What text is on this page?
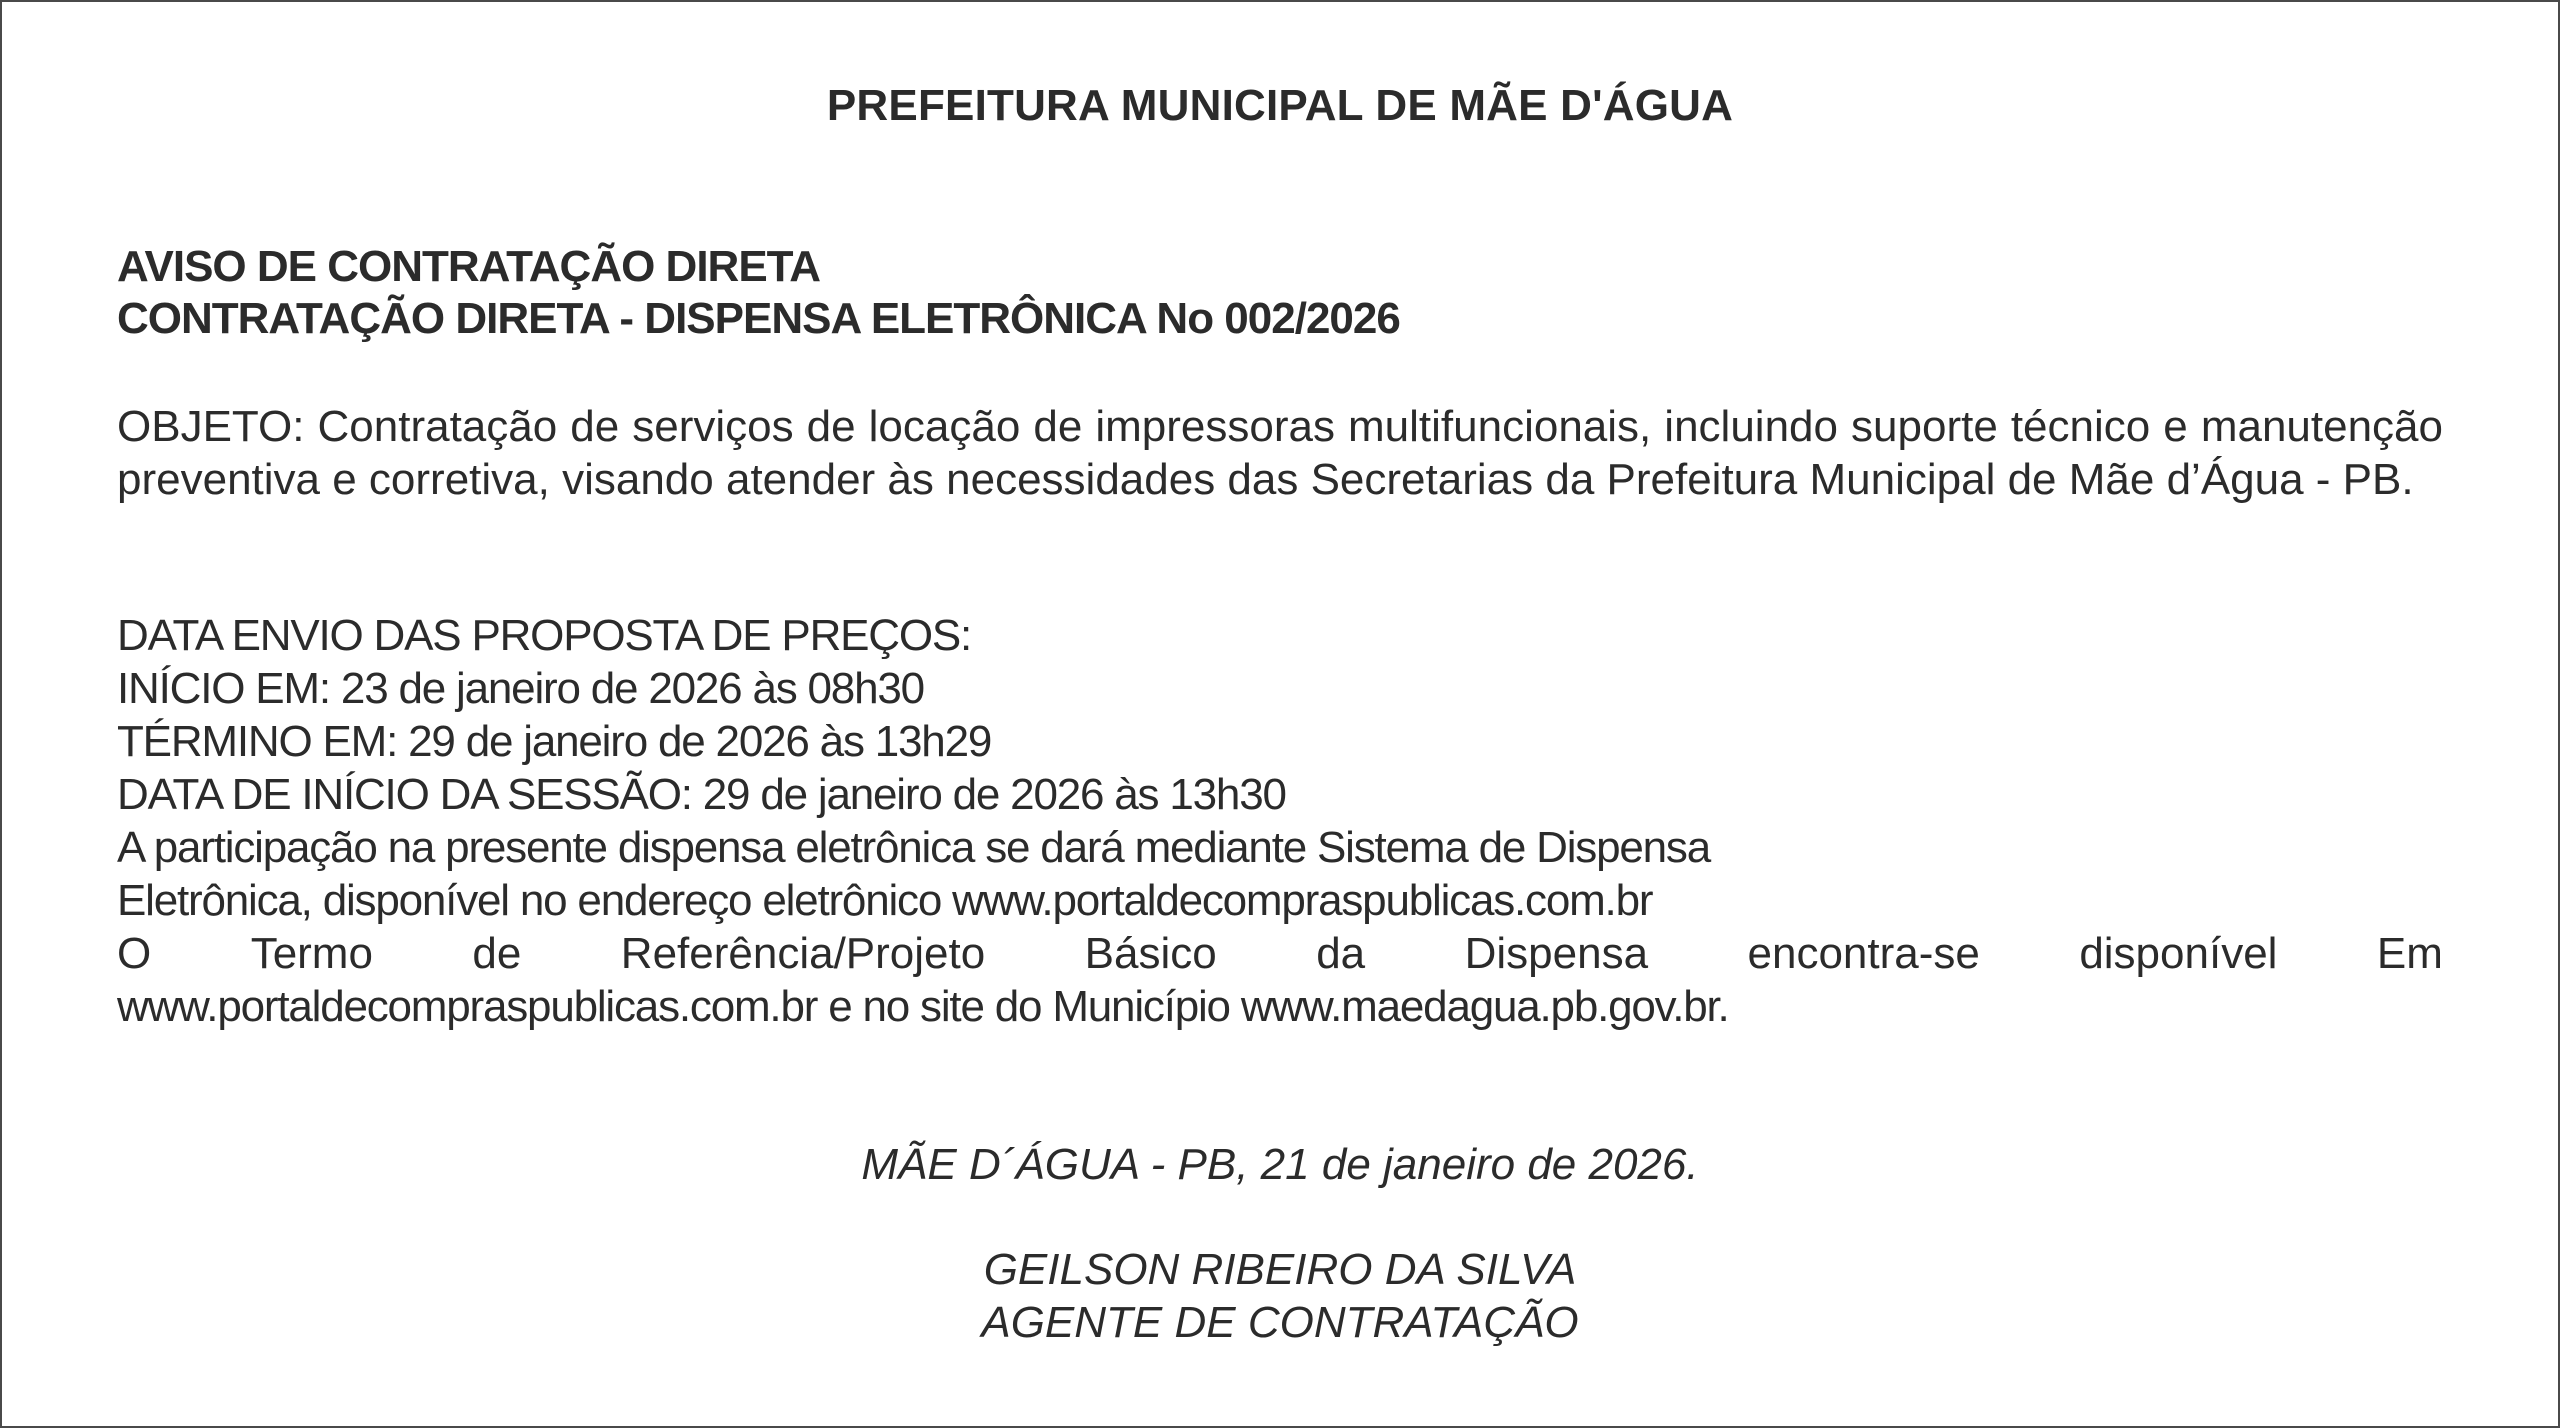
PREFEITURA MUNICIPAL DE MÃE D'ÁGUA
AVISO DE CONTRATAÇÃO DIRETA
CONTRATAÇÃO DIRETA - DISPENSA ELETRÔNICA No 002/2026
OBJETO: Contratação de serviços de locação de impressoras multifuncionais, incluindo suporte técnico e manutenção preventiva e corretiva, visando atender às necessidades das Secretarias da Prefeitura Municipal de Mãe d’Água - PB.
DATA ENVIO DAS PROPOSTA DE PREÇOS:
INÍCIO EM: 23 de janeiro de 2026 às 08h30
TÉRMINO EM: 29 de janeiro de 2026 às 13h29
DATA DE INÍCIO DA SESSÃO: 29 de janeiro de 2026 às 13h30
A participação na presente dispensa eletrônica se dará mediante Sistema de Dispensa
Eletrônica, disponível no endereço eletrônico www.portaldecompraspublicas.com.br
O Termo de Referência/Projeto Básico da Dispensa encontra-se disponível Em
www.portaldecompraspublicas.com.br e no site do Município www.maedagua.pb.gov.br.
MÃE D´ÁGUA - PB, 21 de janeiro de 2026.
GEILSON RIBEIRO DA SILVA
AGENTE DE CONTRATAÇÃO
